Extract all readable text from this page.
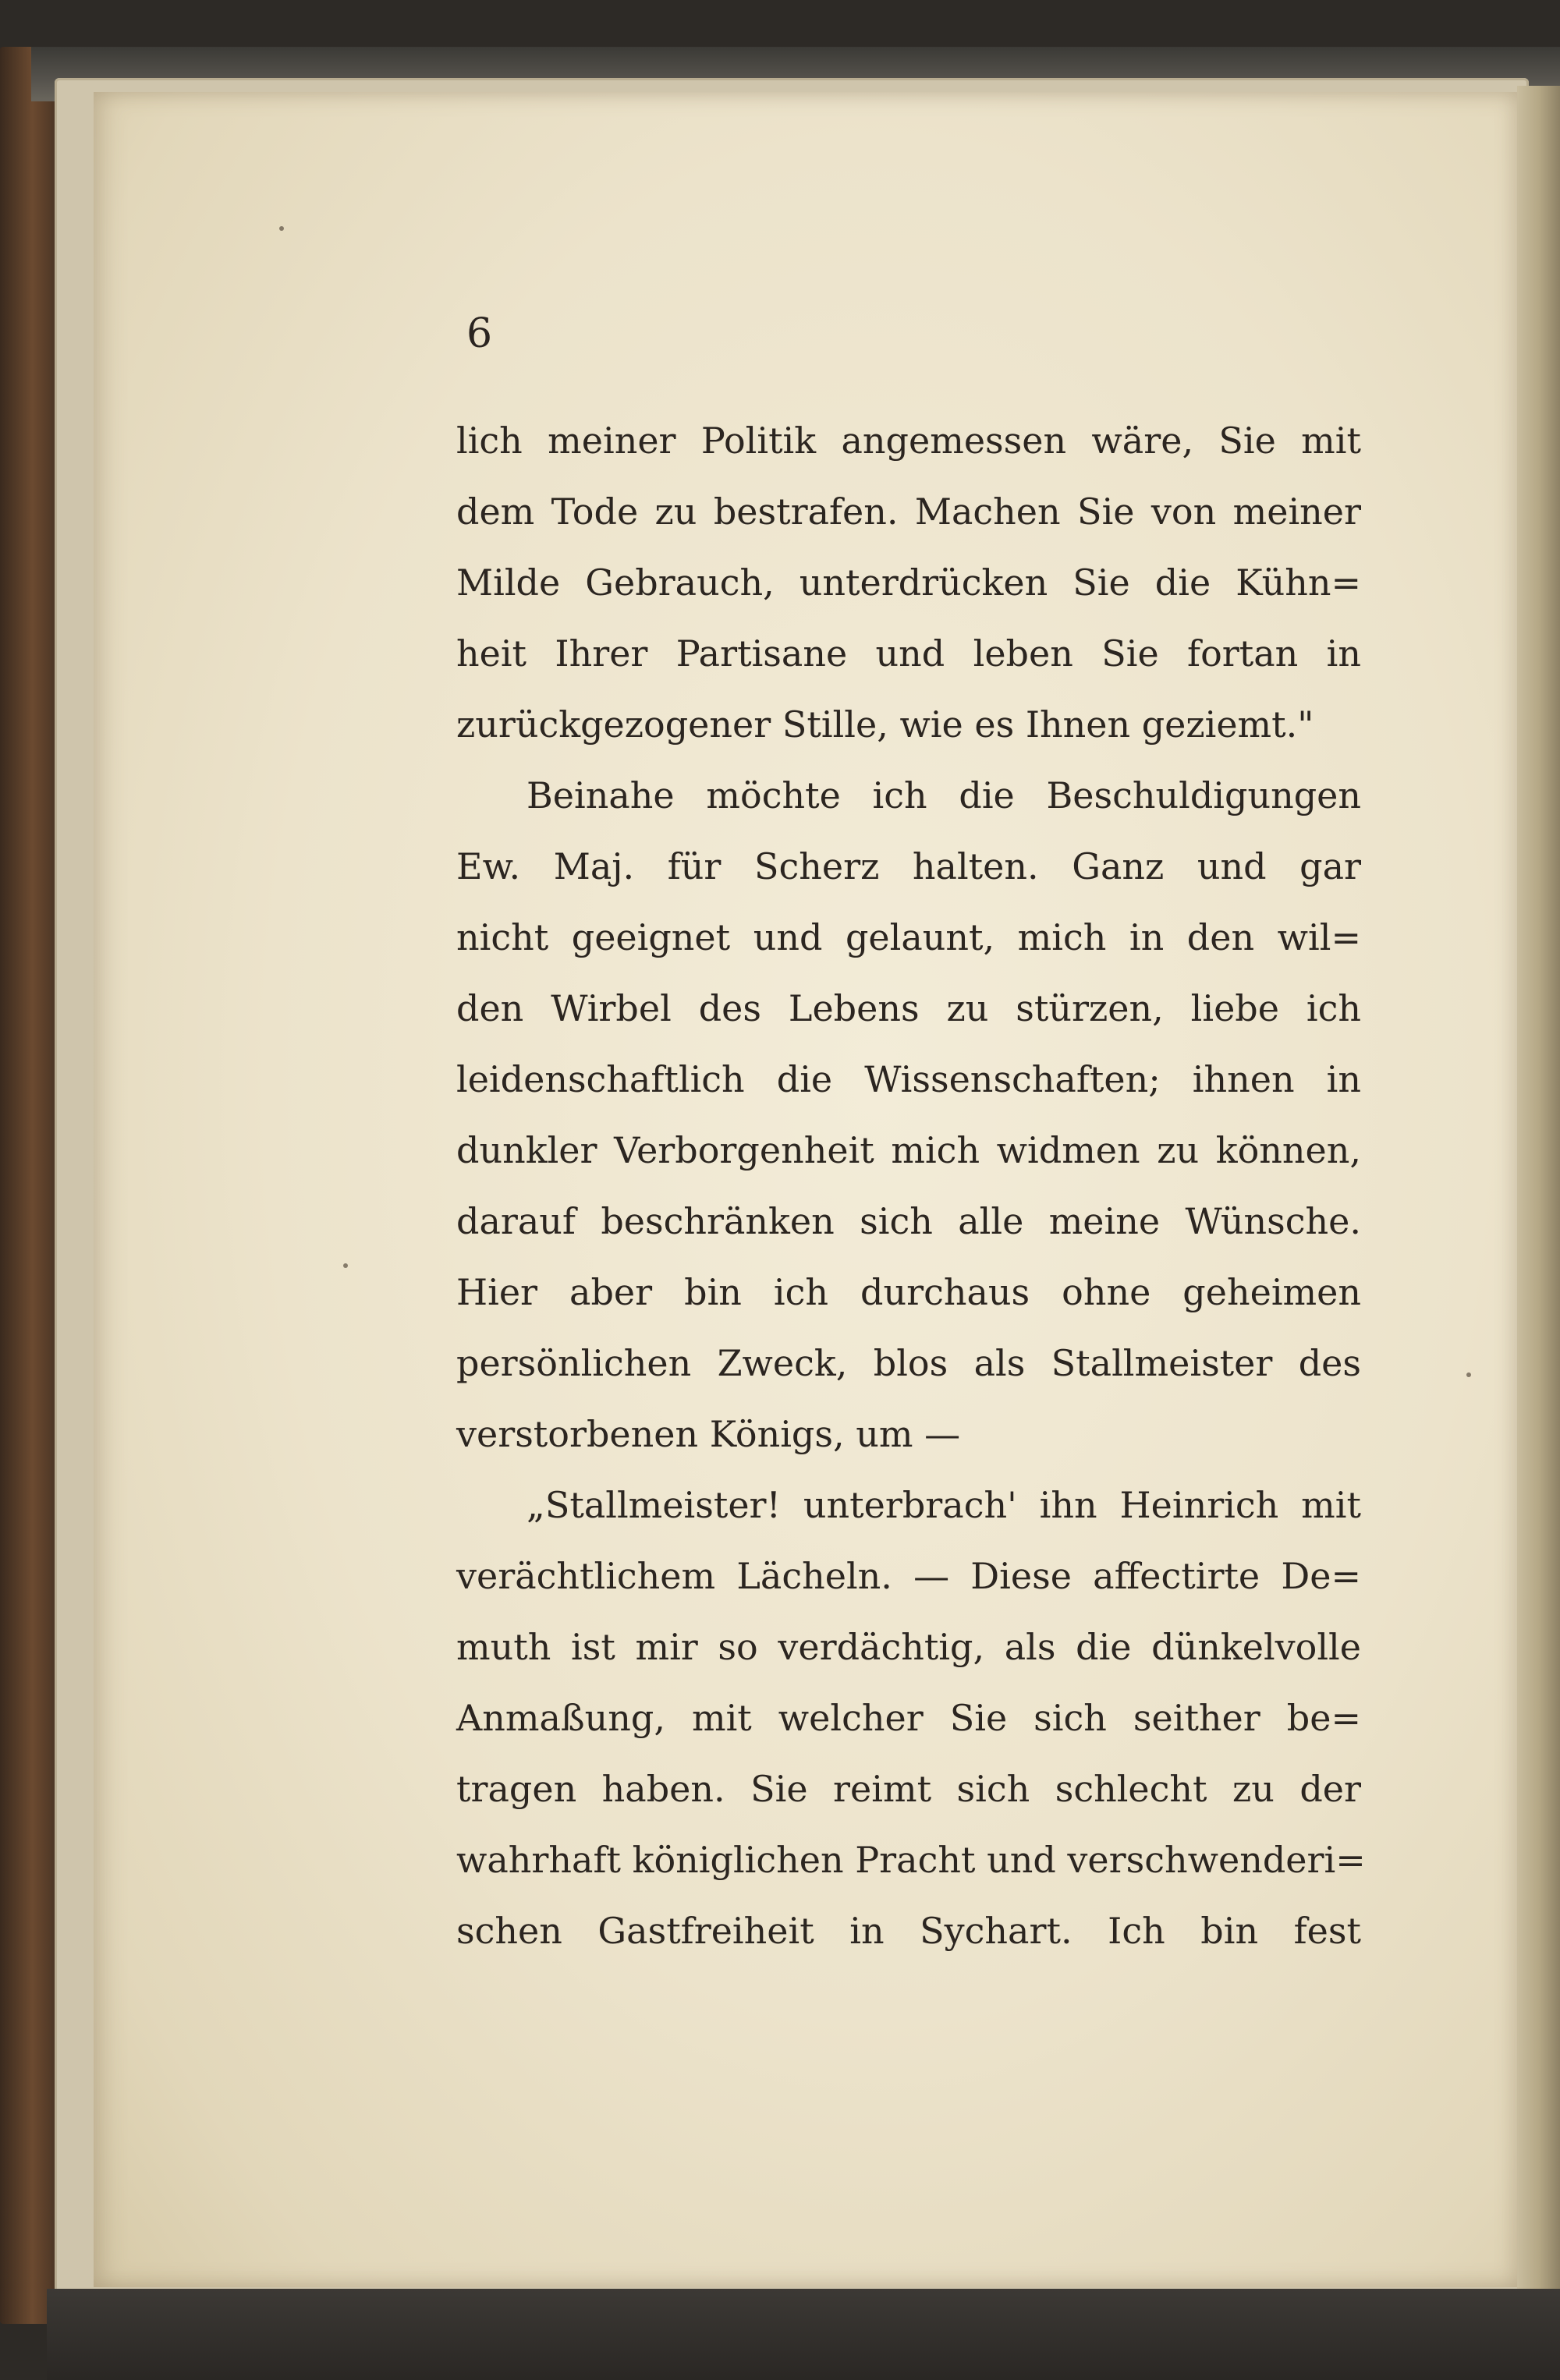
6
lich meiner Politik angemessen wäre, Sie mit
dem Tode zu bestrafen. Machen Sie von meiner
Milde Gebrauch, unterdrücken Sie die Kühn=
heit Ihrer Partisane und leben Sie fortan in
zurückgezogener Stille, wie es Ihnen geziemt."
Beinahe möchte ich die Beschuldigungen
Ew. Maj. für Scherz halten. Ganz und gar
nicht geeignet und gelaunt, mich in den wil=
den Wirbel des Lebens zu stürzen, liebe ich
leidenschaftlich die Wissenschaften; ihnen in
dunkler Verborgenheit mich widmen zu können,
darauf beschränken sich alle meine Wünsche.
Hier aber bin ich durchaus ohne geheimen
persönlichen Zweck, blos als Stallmeister des
verstorbenen Königs, um —
„Stallmeister! unterbrach' ihn Heinrich mit
verächtlichem Lächeln. — Diese affectirte De=
muth ist mir so verdächtig, als die dünkelvolle
Anmaßung, mit welcher Sie sich seither be=
tragen haben. Sie reimt sich schlecht zu der
wahrhaft königlichen Pracht und verschwenderi=
schen Gastfreiheit in Sychart. Ich bin fest
